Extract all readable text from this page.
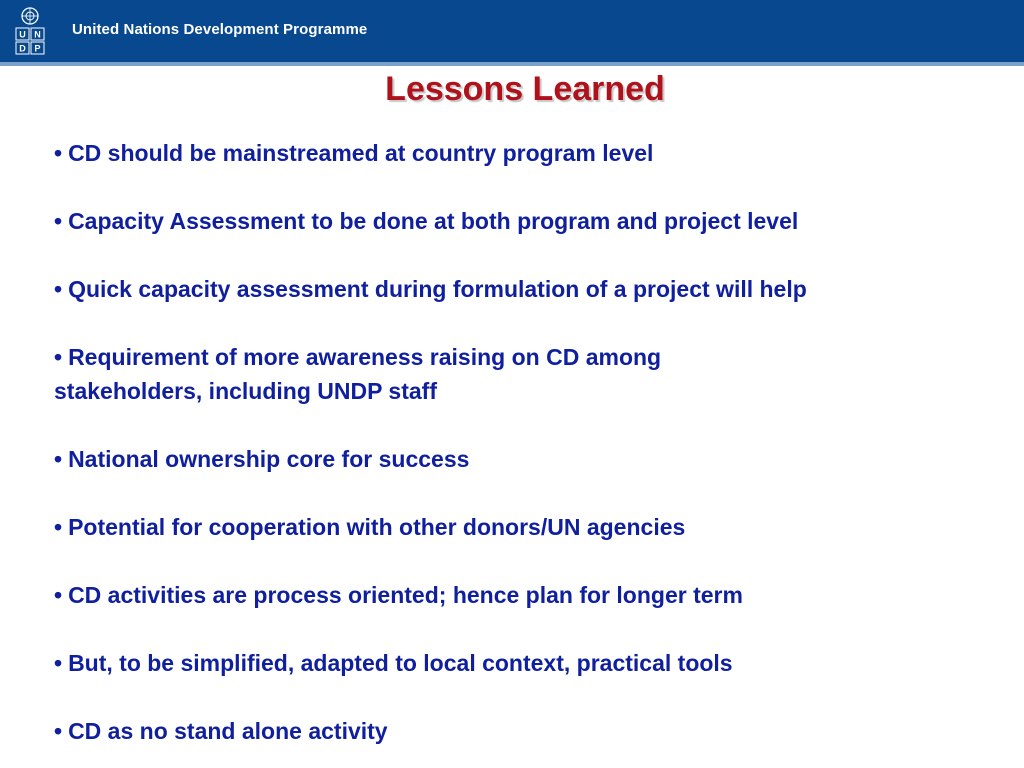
U N
D P
United Nations Development Programme
Lessons Learned
• CD should be mainstreamed at country program level
• Capacity Assessment to be done at both program and project level
• Quick capacity assessment during formulation of a project will help
• Requirement of more awareness raising on CD among
stakeholders, including UNDP staff
• National ownership core for success
• Potential for cooperation with other donors/UN agencies
• CD activities are process oriented; hence plan for longer term
• But, to be simplified, adapted to local context, practical tools
• CD as no stand alone activity
